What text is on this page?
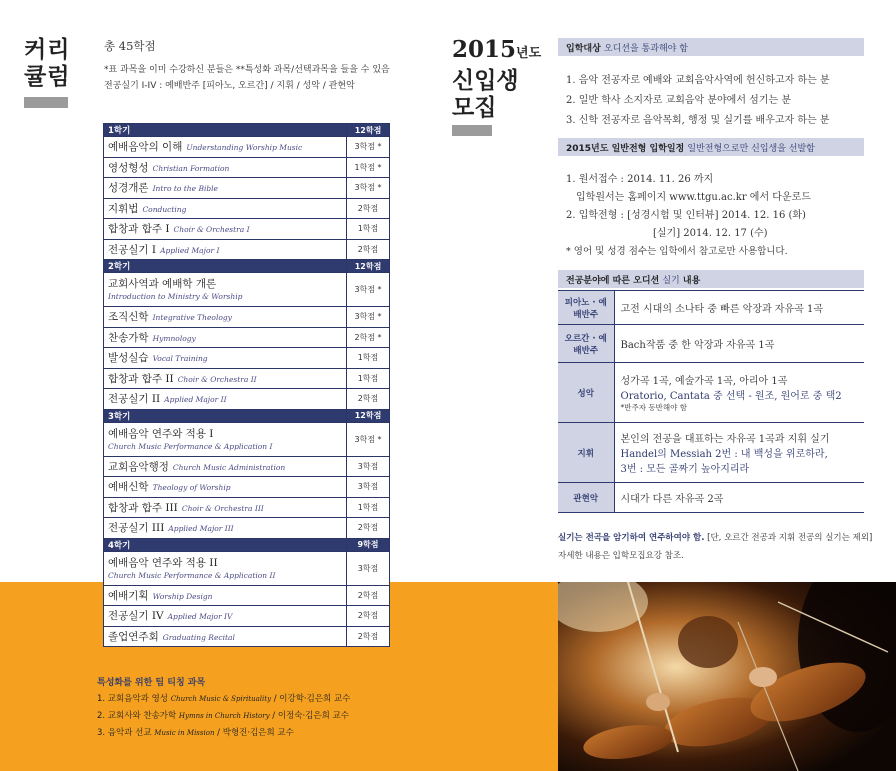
커리
큘럼
총 45학점
*표 과목을 이미 수강하신 분들은 **특성화 과목/선택과목을 들을 수 있음
전공실기 I-IV : 예배반주 [피아노, 오르간] / 지휘 / 성악 / 관현악
1학기	12학점
예배음악의 이해 Understanding Worship Music	3학점 *
영성형성 Christian Formation	1학점 *
성경개론 Intro to the Bible	3학점 *
지휘법 Conducting	2학점
합창과 합주 I Choir & Orchestra I	1학점
전공실기 I Applied Major I	2학점
2학기	12학점

교회사역과 예배학 개론
Introduction to Ministry & Worship	3학점 *
조직신학 Integrative Theology	3학점 *
찬송가학 Hymnology	2학점 *
발성실습 Vocal Training	1학점
합창과 합주 II Choir & Orchestra II	1학점
전공실기 II Applied Major II	2학점
3학기	12학점

예배음악 연주와 적용 I
Church Music Performance & Application I	3학점 *
교회음악행정 Church Music Administration	3학점
예배신학 Theology of Worship	3학점
합창과 합주 III Choir & Orchestra III	1학점
전공실기 III Applied Major III	2학점
4학기	9학점

예배음악 연주와 적용 II
Church Music Performance & Application II	3학점
예배기획 Worship Design	2학점
전공실기 IV Applied Major IV	2학점
졸업연주회 Graduating Recital	2학점
특성화를 위한 팀 티칭 과목
1. 교회음악과 영성 Church Music & Spirituality / 이강학·김은희 교수
2. 교회사와 찬송가학 Hymns in Church History / 이정숙·김은희 교수
3. 음악과 선교 Music in Mission / 박형진·김은희 교수
2015년도
신입생
모집
입학대상 오디션을 통과해야 함
1. 음악 전공자로 예배와 교회음악사역에 헌신하고자 하는 분
2. 일반 학사 소지자로 교회음악 분야에서 섬기는 분
3. 신학 전공자로 음악목회, 행정 및 실기를 배우고자 하는 분
2015년도 일반전형 입학일정 일반전형으로만 신입생을 선발함
1. 원서접수 : 2014. 11. 26 까지
입학원서는 홈페이지 www.ttgu.ac.kr 에서 다운로드
2. 입학전형 : [성경시험 및 인터뷰] 2014. 12. 16 (화)
[실기] 2014. 12. 17 (수)
* 영어 및 성경 점수는 입학에서 참고로만 사용합니다.
전공분야에 따른 오디션 실기 내용
피아노 · 예배반주	고전 시대의 소나타 중 빠른 악장과 자유곡 1곡

오르간 · 예배반주	Bach작품 중 한 악장과 자유곡 1곡

성악	성가곡 1곡, 예술가곡 1곡, 아리아 1곡
Oratorio, Cantata 중 선택 - 원조, 원어로 중 택2
*반주자 동반해야 함

지휘	본인의 전공을 대표하는 자유곡 1곡과 지휘 실기
Handel의 Messiah 2번 : 내 백성을 위로하라,
3번 : 모든 골짜기 높아지리라

관현악	시대가 다른 자유곡 2곡
실기는 전곡을 암기하여 연주하여야 함. [단, 오르간 전공과 지휘 전공의 실기는 제외]
자세한 내용은 입학모집요강 참조.
